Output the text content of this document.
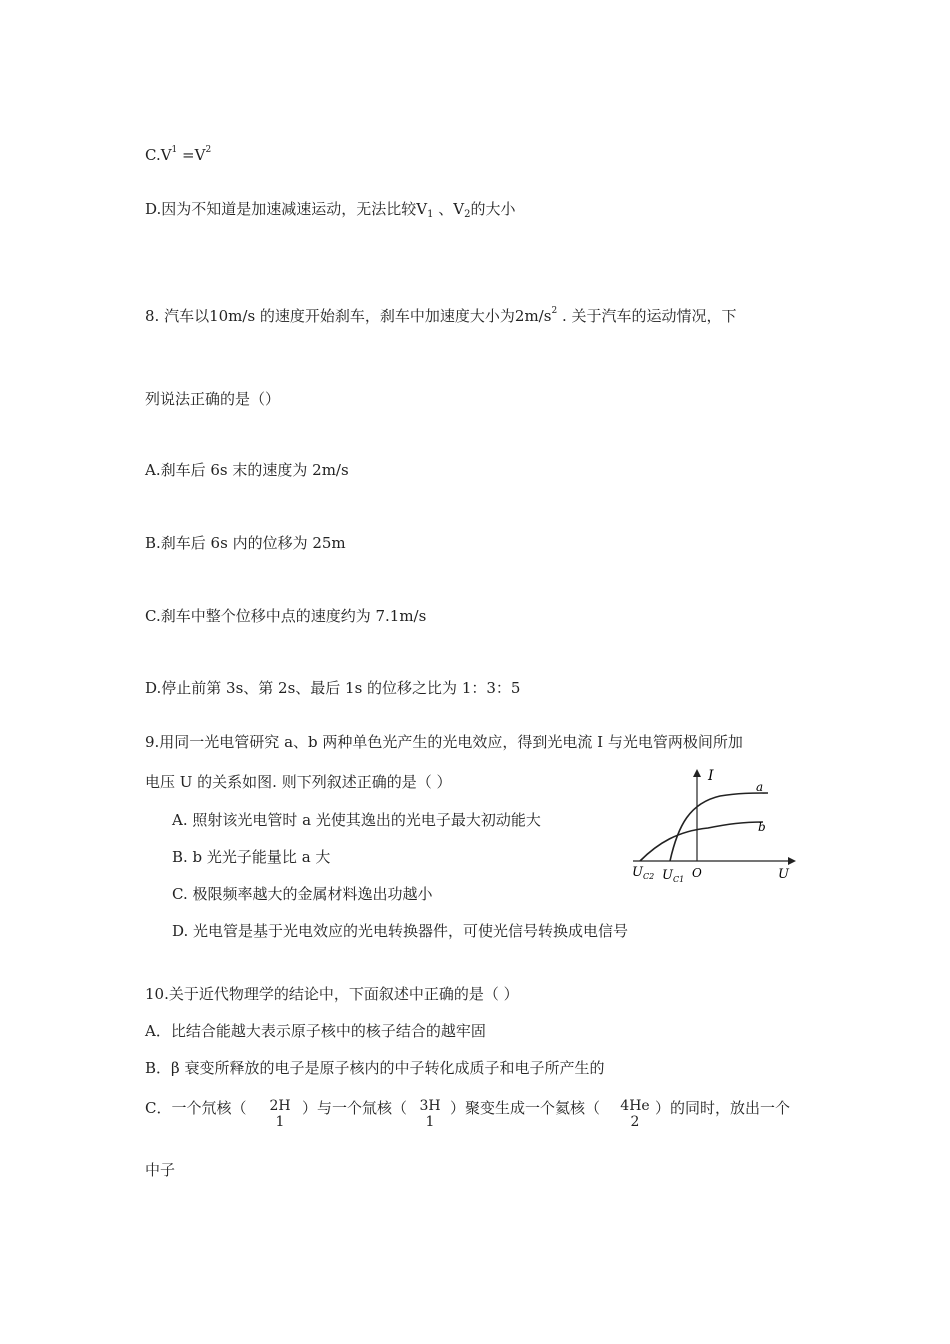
$C.V^1 =V^2$
D.因为不知道是加速减速运动，无法比较$V_1$ 、$V_2$的大小
8. 汽车以10m/s 的速度开始刹车，刹车中加速度大小为$2m/s^2$ . 关于汽车的运动情况，下
列说法正确的是（）
A.刹车后 6s 末的速度为 2m/s
B.刹车后 6s 内的位移为 25m
C.刹车中整个位移中点的速度约为 7.1m/s
D.停止前第 3s、第 2s、最后 1s 的位移之比为 1：3：5
9.用同一光电管研究 a、b 两种单色光产生的光电效应，得到光电流 I 与光电管两极间所加
电压 U 的关系如图. 则下列叙述正确的是（ ）
A. 照射该光电管时 a 光使其逸出的光电子最大初动能大
B. b 光光子能量比 a 大
C. 极限频率越大的金属材料逸出功越小
D. 光电管是基于光电效应的光电转换器件，可使光信号转换成电信号
I
a
b
O	U
$U_{C2}$ $U_{C1}$
10.关于近代物理学的结论中，下面叙述中正确的是（ ）
A．比结合能越大表示原子核中的核子结合的越牢固
B．β 衰变所释放的电子是原子核内的中子转化成质子和电子所产生的
C．一个氘核（ 2H
1
）与一个氚核（ 3H
1
）聚变生成一个氦核（ 4He
2
）的同时，放出一个
中子
